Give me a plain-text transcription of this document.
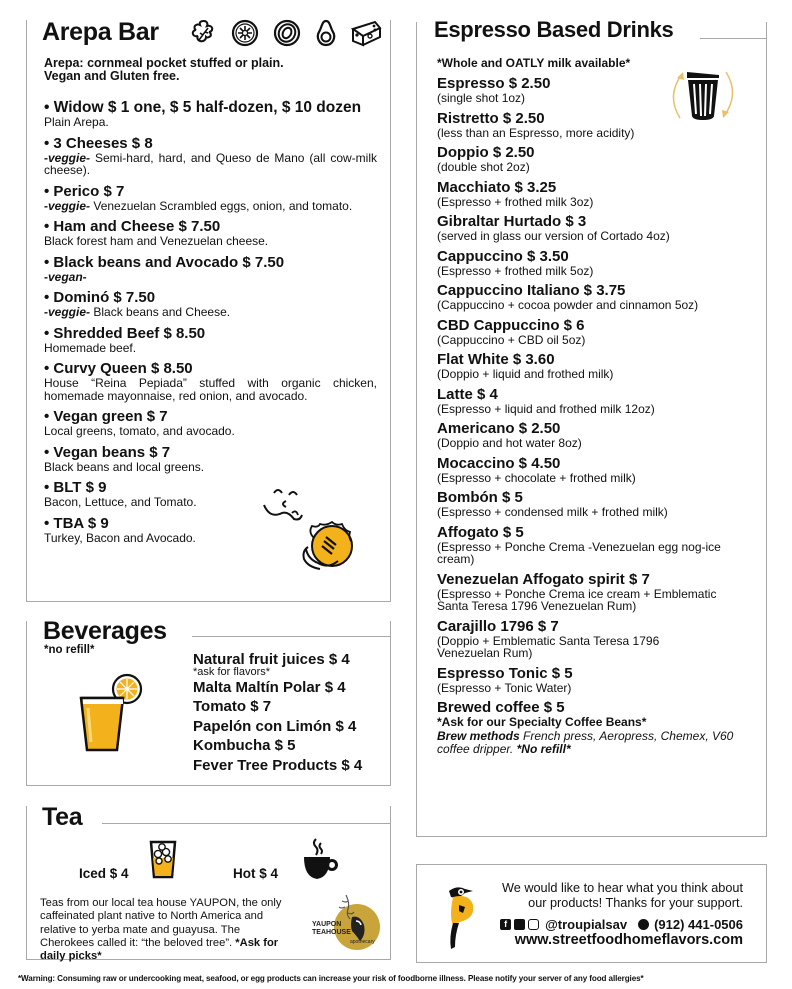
Arepa Bar
Arepa: cornmeal pocket stuffed or plain.
Vegan and Gluten free.
• Widow $ 1 one, $ 5 half-dozen, $ 10 dozen
Plain Arepa.
• 3 Cheeses $ 8
-veggie- Semi-hard, hard, and Queso de Mano (all cow-milk cheese).
• Perico $ 7
-veggie- Venezuelan Scrambled eggs, onion, and tomato.
• Ham and Cheese $ 7.50
Black forest ham and Venezuelan cheese.
• Black beans and Avocado $ 7.50
-vegan-
• Dominó $ 7.50
-veggie- Black beans and Cheese.
• Shredded Beef $ 8.50
Homemade beef.
• Curvy Queen $ 8.50
House “Reina Pepiada” stuffed with organic chicken, homemade mayonnaise, red onion, and avocado.
• Vegan green $ 7
Local greens, tomato, and avocado.
• Vegan beans $ 7
Black beans and local greens.
• BLT $ 9
Bacon, Lettuce, and Tomato.
• TBA $ 9
Turkey, Bacon and Avocado.
Beverages
*no refill*
Natural fruit juices $ 4
*ask for flavors*
Malta Maltín Polar $ 4
Tomato $ 7
Papelón con Limón $ 4
Kombucha $ 5
Fever Tree Products $ 4
Tea
Iced $ 4	Hot $ 4
Teas from our local tea house YAUPON, the only caffeinated plant native to North America and relative to yerba mate and guayusa. The Cherokees called it: “the beloved tree”. *Ask for daily picks*
YAUPON
TEAHOUSE
apothecary
Espresso Based Drinks
*Whole and OATLY milk available*
Espresso $ 2.50
(single shot 1oz)
Ristretto $ 2.50
(less than an Espresso, more acidity)
Doppio $ 2.50
(double shot 2oz)
Macchiato $ 3.25
(Espresso + frothed milk 3oz)
Gibraltar Hurtado $ 3
(served in glass our version of Cortado 4oz)
Cappuccino $ 3.50
(Espresso + frothed milk 5oz)
Cappuccino Italiano $ 3.75
(Cappuccino + cocoa powder and cinnamon 5oz)
CBD Cappuccino $ 6
(Cappuccino + CBD oil 5oz)
Flat White $ 3.60
(Doppio + liquid and frothed milk)
Latte $ 4
(Espresso + liquid and frothed milk 12oz)
Americano $ 2.50
(Doppio and hot water 8oz)
Mocaccino $ 4.50
(Espresso + chocolate + frothed milk)
Bombón $ 5
(Espresso + condensed milk + frothed milk)
Affogato $ 5
(Espresso + Ponche Crema -Venezuelan egg nog-ice cream)
Venezuelan Affogato spirit $ 7
(Espresso + Ponche Crema ice cream + Emblematic Santa Teresa 1796 Venezuelan Rum)
Carajillo 1796 $ 7
(Doppio + Emblematic Santa Teresa 1796 Venezuelan Rum)
Espresso Tonic $ 5
(Espresso + Tonic Water)
Brewed coffee $ 5
*Ask for our Specialty Coffee Beans*
Brew methods French press, Aeropress, Chemex, V60 coffee dripper. *No refill*
We would like to hear what you think about
our products! Thanks for your support.
f	@troupialsav (912) 441-0506
www.streetfoodhomeflavors.com
*Warning: Consuming raw or undercooking meat, seafood, or egg products can increase your risk of foodborne illness. Please notify your server of any food allergies*
